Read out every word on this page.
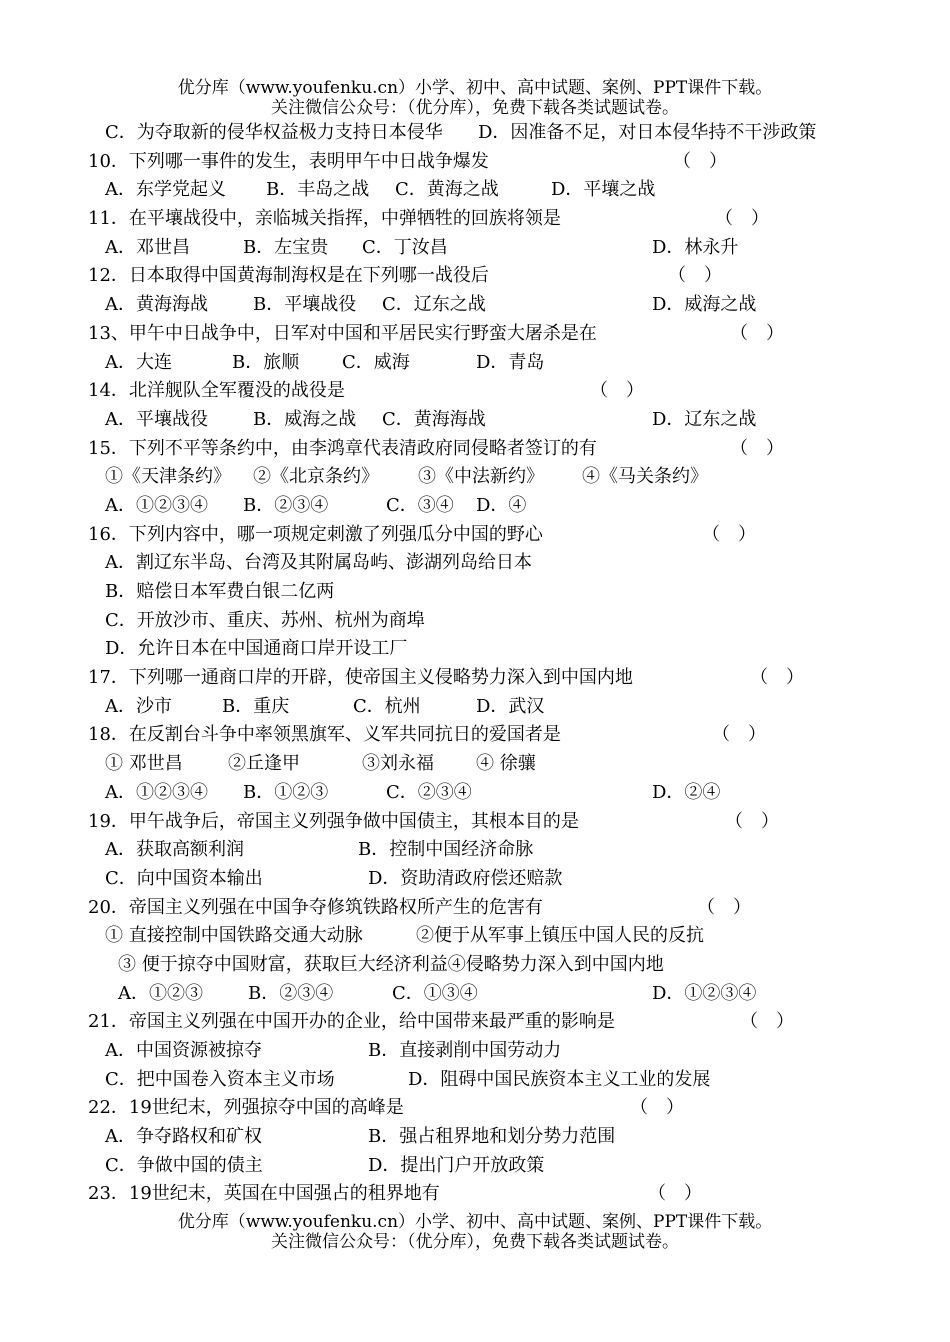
优分库（www.youfenku.cn）小学、初中、高中试题、案例、PPT课件下载。
关注微信公众号：（优分库），免费下载各类试题试卷。
C．为夺取新的侵华权益极力支持日本侵华 D．因准备不足，对日本侵华持不干涉政策
10．下列哪一事件的发生，表明甲午中日战争爆发	（　）
A．东学党起义 B．丰岛之战 C．黄海之战	D．平壤之战
11．在平壤战役中，亲临城关指挥，中弹牺牲的回族将领是	（　）
A．邓世昌	B．左宝贵 C．丁汝昌	D．林永升
12．日本取得中国黄海制海权是在下列哪一战役后	（　）
A．黄海海战	B．平壤战役 C．辽东之战	D．威海之战
13、甲午中日战争中，日军对中国和平居民实行野蛮大屠杀是在	（　）
A．大连	B．旅顺 C．威海	D．青岛
14．北洋舰队全军覆没的战役是	（　）
A．平壤战役	B．威海之战 C．黄海海战	D．辽东之战
15．下列不平等条约中，由李鸿章代表清政府同侵略者签订的有	（　）
①《天津条约》 ②《北京条约》 ③《中法新约》 ④《马关条约》
A．①②③④ B．②③④	C．③④ D．④
16．下列内容中，哪一项规定刺激了列强瓜分中国的野心	（　）
A．割辽东半岛、台湾及其附属岛屿、澎湖列岛给日本
B．赔偿日本军费白银二亿两
C．开放沙市、重庆、苏州、杭州为商埠
D．允许日本在中国通商口岸开设工厂
17．下列哪一通商口岸的开辟，使帝国主义侵略势力深入到中国内地	（　）
A．沙市	B．重庆	C．杭州	D．武汉
18．在反割台斗争中率领黑旗军、义军共同抗日的爱国者是	（　）
① 邓世昌	②丘逢甲	③刘永福 ④ 徐骧
A．①②③④ B．①②③	C．②③④	D．②④
19．甲午战争后，帝国主义列强争做中国债主，其根本目的是	（　）
A．获取高额利润	B．控制中国经济命脉
C．向中国资本输出	D．资助清政府偿还赔款
20．帝国主义列强在中国争夺修筑铁路权所产生的危害有	（　）
① 直接控制中国铁路交通大动脉	②便于从军事上镇压中国人民的反抗
③ 便于掠夺中国财富，获取巨大经济利益④侵略势力深入到中国内地
A．①②③	B．②③④	C．①③④	D．①②③④
21．帝国主义列强在中国开办的企业，给中国带来最严重的影响是	（　）
A．中国资源被掠夺	B．直接剥削中国劳动力
C．把中国卷入资本主义市场	D．阻碍中国民族资本主义工业的发展
22．19世纪末，列强掠夺中国的高峰是	（　）
A．争夺路权和矿权	B．强占租界地和划分势力范围
C．争做中国的债主	D．提出门户开放政策
23．19世纪末，英国在中国强占的租界地有	（　）
优分库（www.youfenku.cn）小学、初中、高中试题、案例、PPT课件下载。
关注微信公众号：（优分库），免费下载各类试题试卷。
